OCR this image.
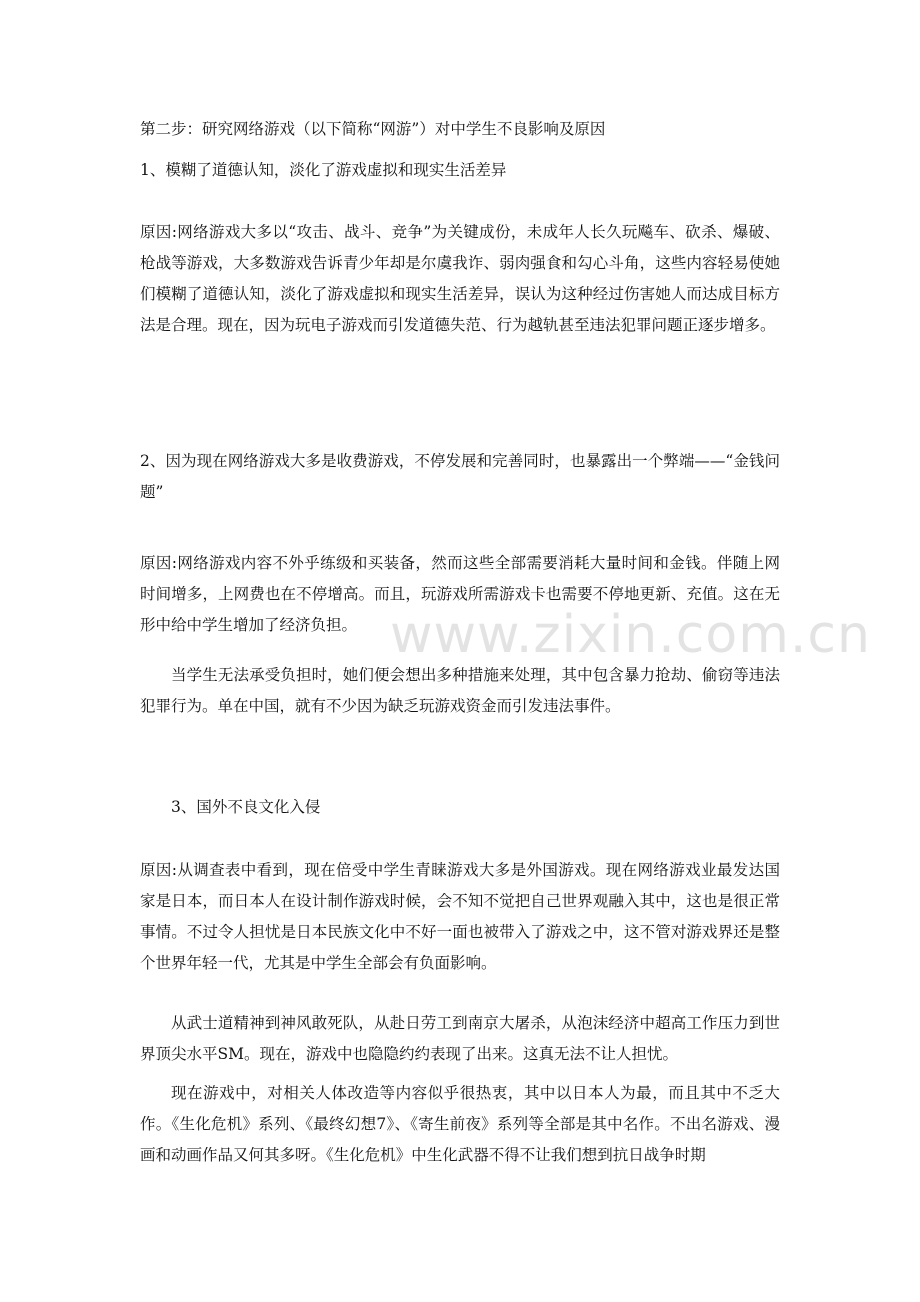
www.zixin.com.cn

第二步：研究网络游戏（以下简称“网游”）对中学生不良影响及原因

1、模糊了道德认知，淡化了游戏虚拟和现实生活差异

原因:网络游戏大多以“攻击、战斗、竞争”为关键成份，未成年人长久玩飚车、砍杀、爆破、枪战等游戏，大多数游戏告诉青少年却是尔虞我诈、弱肉强食和勾心斗角，这些内容轻易使她们模糊了道德认知，淡化了游戏虚拟和现实生活差异，误认为这种经过伤害她人而达成目标方法是合理。现在，因为玩电子游戏而引发道德失范、行为越轨甚至违法犯罪问题正逐步增多。

2、因为现在网络游戏大多是收费游戏，不停发展和完善同时，也暴露出一个弊端——“金钱问题”

原因:网络游戏内容不外乎练级和买装备，然而这些全部需要消耗大量时间和金钱。伴随上网时间增多，上网费也在不停增高。而且，玩游戏所需游戏卡也需要不停地更新、充值。这在无形中给中学生增加了经济负担。

当学生无法承受负担时，她们便会想出多种措施来处理，其中包含暴力抢劫、偷窃等违法犯罪行为。单在中国，就有不少因为缺乏玩游戏资金而引发违法事件。

3、国外不良文化入侵

原因:从调查表中看到，现在倍受中学生青睐游戏大多是外国游戏。现在网络游戏业最发达国家是日本，而日本人在设计制作游戏时候，会不知不觉把自己世界观融入其中，这也是很正常事情。不过令人担忧是日本民族文化中不好一面也被带入了游戏之中，这不管对游戏界还是整个世界年轻一代，尤其是中学生全部会有负面影响。

从武士道精神到神风敢死队，从赴日劳工到南京大屠杀，从泡沫经济中超高工作压力到世界顶尖水平SM。现在，游戏中也隐隐约约表现了出来。这真无法不让人担忧。

现在游戏中，对相关人体改造等内容似乎很热衷，其中以日本人为最，而且其中不乏大作。《生化危机》系列、《最终幻想7》、《寄生前夜》系列等全部是其中名作。不出名游戏、漫画和动画作品又何其多呀。《生化危机》中生化武器不得不让我们想到抗日战争时期
